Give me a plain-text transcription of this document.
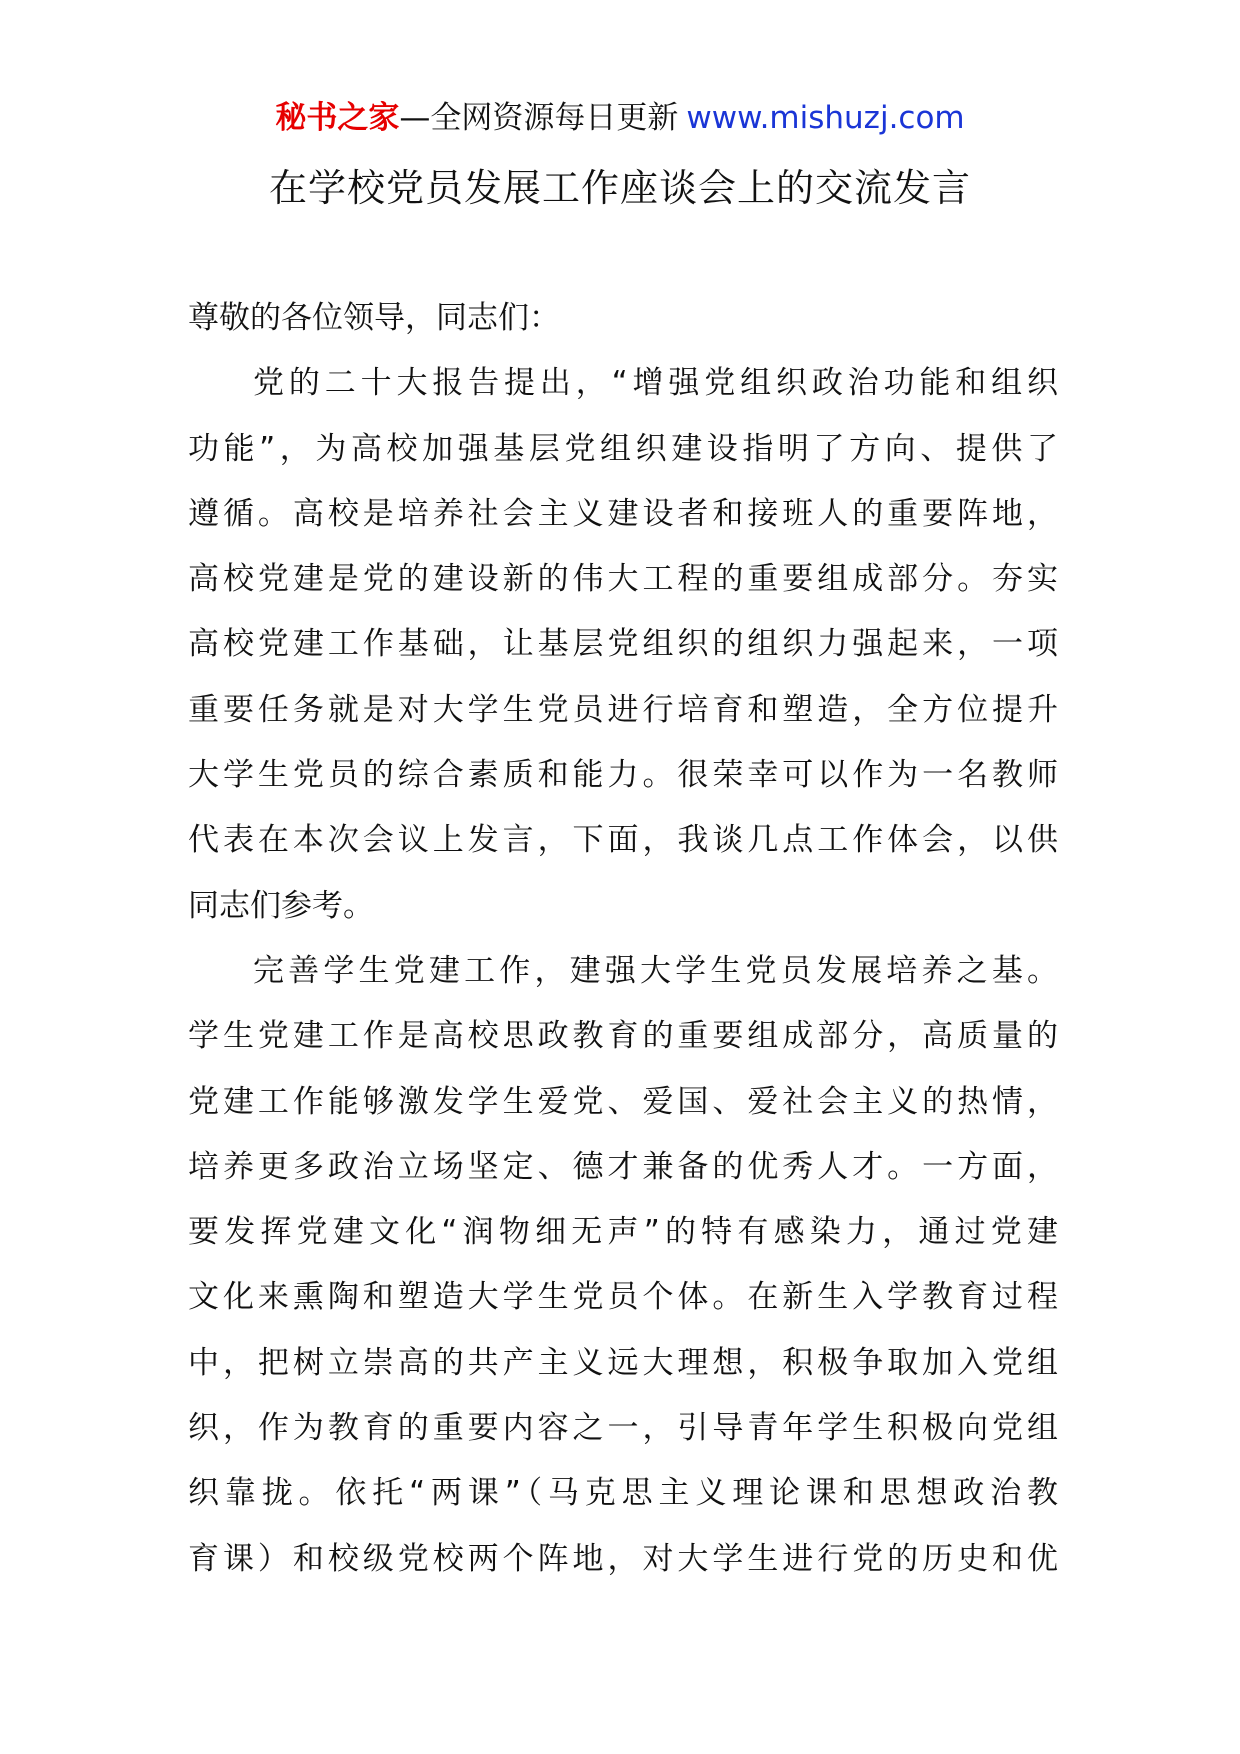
秘书之家—全网资源每日更新 www.mishuzj.com
在学校党员发展工作座谈会上的交流发言
尊敬的各位领导，同志们：
党的二十大报告提出，“增强党组织政治功能和组织
功能”，为高校加强基层党组织建设指明了方向、提供了
遵循。高校是培养社会主义建设者和接班人的重要阵地，
高校党建是党的建设新的伟大工程的重要组成部分。夯实
高校党建工作基础，让基层党组织的组织力强起来，一项
重要任务就是对大学生党员进行培育和塑造，全方位提升
大学生党员的综合素质和能力。很荣幸可以作为一名教师
代表在本次会议上发言，下面，我谈几点工作体会，以供
同志们参考。
完善学生党建工作，建强大学生党员发展培养之基。
学生党建工作是高校思政教育的重要组成部分，高质量的
党建工作能够激发学生爱党、爱国、爱社会主义的热情，
培养更多政治立场坚定、德才兼备的优秀人才。一方面，
要发挥党建文化“润物细无声”的特有感染力，通过党建
文化来熏陶和塑造大学生党员个体。在新生入学教育过程
中，把树立崇高的共产主义远大理想，积极争取加入党组
织，作为教育的重要内容之一，引导青年学生积极向党组
织靠拢。依托“两课”（马克思主义理论课和思想政治教
育课）和校级党校两个阵地，对大学生进行党的历史和优
